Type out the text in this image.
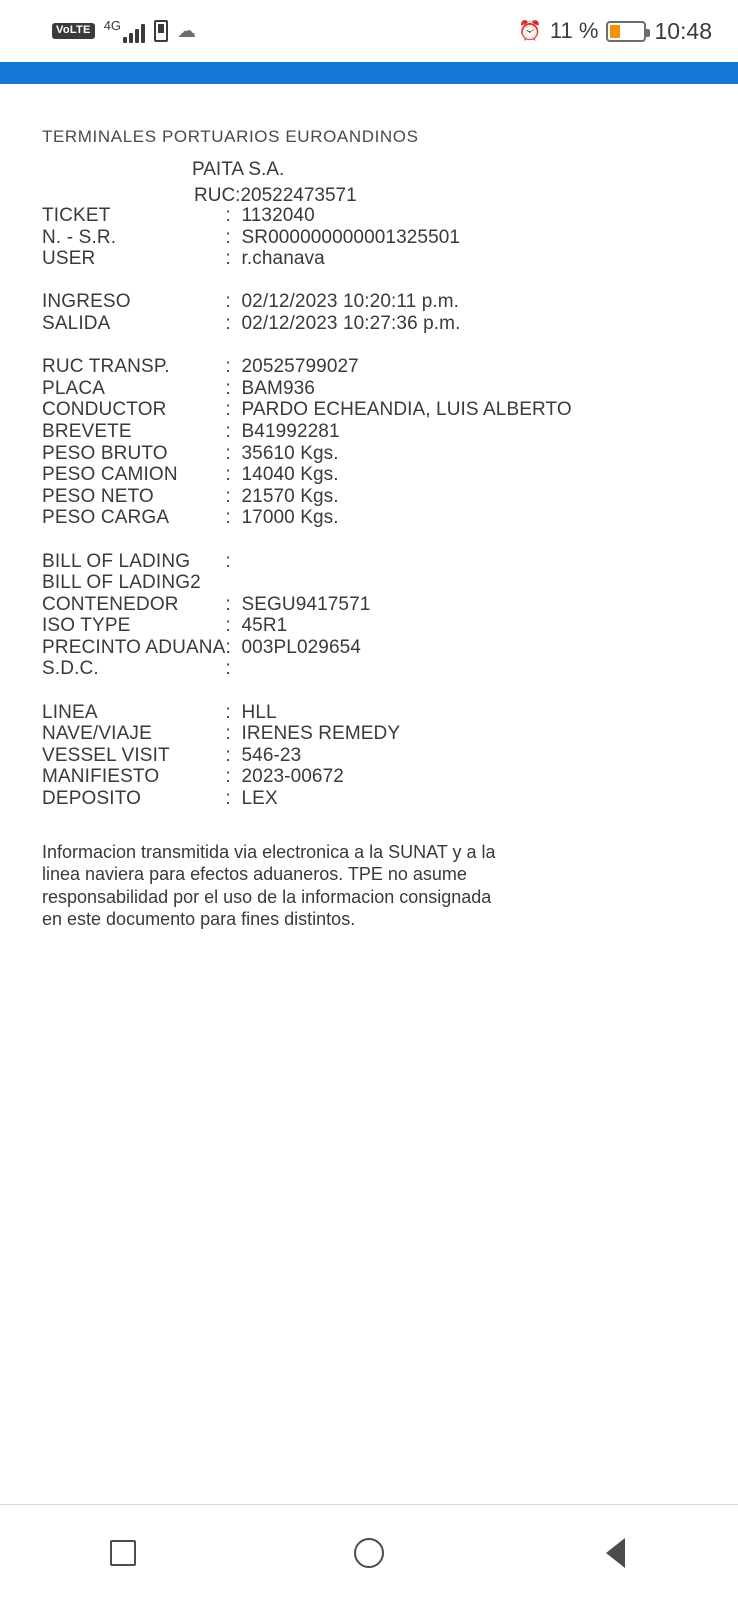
VoLTE	4G	☁	⏰ 11 % 10:48
TERMINALES PORTUARIOS EUROANDINOS
PAITA S.A.
RUC:20522473571
TICKET	:	1132040
N. - S.R.	:	SR000000000001325501
USER	:	r.chanava

INGRESO	:	02/12/2023 10:20:11 p.m.
SALIDA	:	02/12/2023 10:27:36 p.m.

RUC TRANSP.	:	20525799027
PLACA	:	BAM936
CONDUCTOR	:	PARDO ECHEANDIA, LUIS ALBERTO
BREVETE	:	B41992281
PESO BRUTO	:	35610 Kgs.
PESO CAMION	:	14040 Kgs.
PESO NETO	:	21570 Kgs.
PESO CARGA	:	17000 Kgs.

BILL OF LADING	:	
BILL OF LADING2		
CONTENEDOR	:	SEGU9417571
ISO TYPE	:	45R1
PRECINTO ADUANA	:	003PL029654
S.D.C.	:	

LINEA	:	HLL
NAVE/VIAJE	:	IRENES REMEDY
VESSEL VISIT	:	546-23
MANIFIESTO	:	2023-00672
DEPOSITO	:	LEX
Informacion transmitida via electronica a la SUNAT y a la linea naviera para efectos aduaneros. TPE no asume responsabilidad por el uso de la informacion consignada en este documento para fines distintos.
